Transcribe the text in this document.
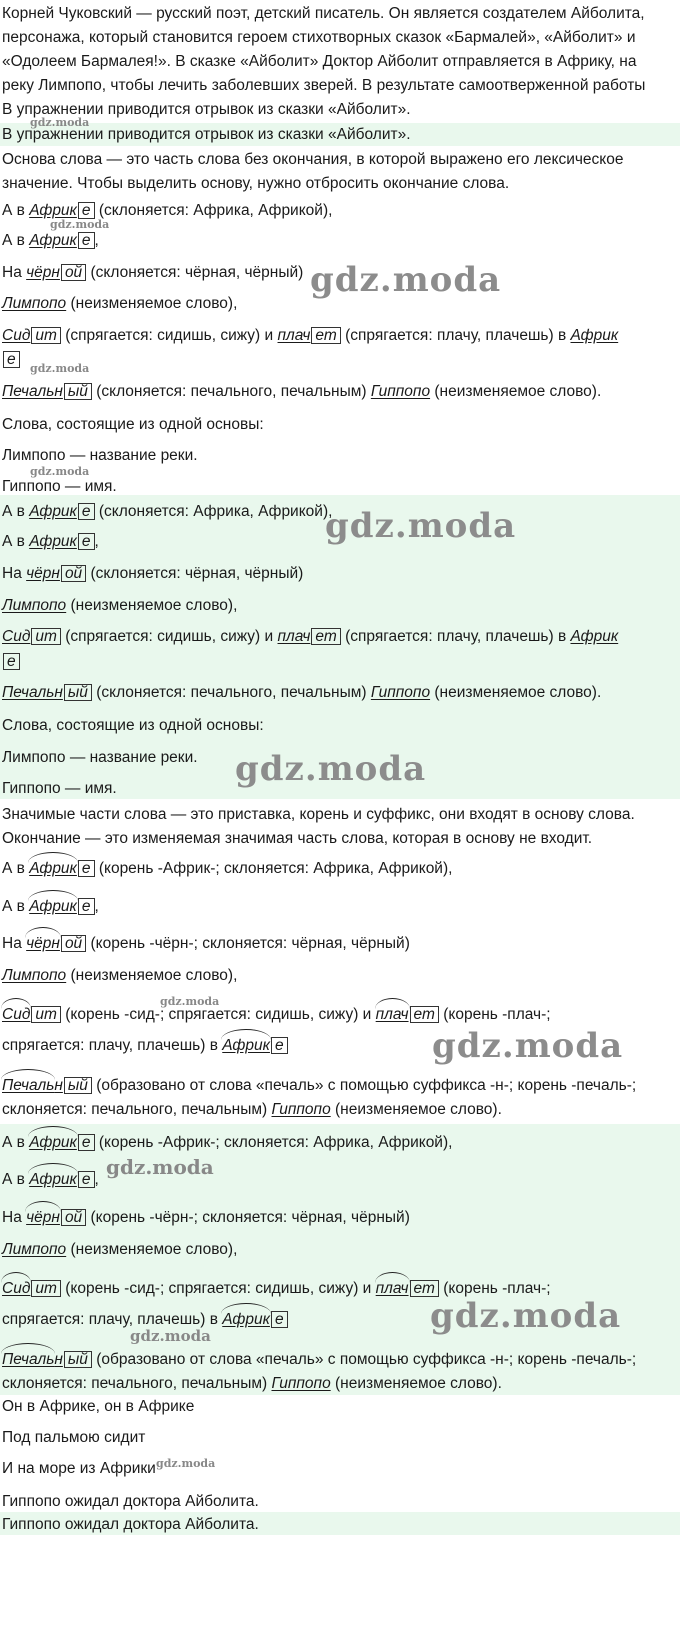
Корней Чуковский — русский поэт, детский писатель. Он является создателем Айболита,
персонажа, который становится героем стихотворных сказок «Бармалей», «Айболит» и
«Одолеем Бармалея!». В сказке «Айболит» Доктор Айболит отправляется в Африку, на
реку Лимпопо, чтобы лечить заболевших зверей. В результате самоотверженной работы
В упражнении приводится отрывок из сказки «Айболит».
В упражнении приводится отрывок из сказки «Айболит».
Основа слова — это часть слова без окончания, в которой выражено его лексическое
значение. Чтобы выделить основу, нужно отбросить окончание слова.
А в Африк е (склоняется: Африка, Африкой),
А в Африк е ,
На чёрн ой (склоняется: чёрная, чёрный)
Лимпопо (неизменяемое слово),
Сид ит (спрягается: сидишь, сижу) и плач ет (спрягается: плачу, плачешь) в Африк
е
Печальн ый (склоняется: печального, печальным) Гиппопо (неизменяемое слово).
Слова, состоящие из одной основы:
Лимпопо — название реки.
Гиппопо — имя.
А в Африк е (склоняется: Африка, Африкой),
А в Африк е ,
На чёрн ой (склоняется: чёрная, чёрный)
Лимпопо (неизменяемое слово),
Сид ит (спрягается: сидишь, сижу) и плач ет (спрягается: плачу, плачешь) в Африк
е
Печальн ый (склоняется: печального, печальным) Гиппопо (неизменяемое слово).
Слова, состоящие из одной основы:
Лимпопо — название реки.
Гиппопо — имя.
Значимые части слова — это приставка, корень и суффикс, они входят в основу слова.
Окончание — это изменяемая значимая часть слова, которая в основу не входит.
А в Африк е (корень -Африк-; склоняется: Африка, Африкой),
А в Африк е ,
На чёрн ой (корень -чёрн-; склоняется: чёрная, чёрный)
Лимпопо (неизменяемое слово),
Сид ит (корень -сид-; спрягается: сидишь, сижу) и плач ет (корень -плач-;
спрягается: плачу, плачешь) в Африк е
Печальн ый (образовано от слова «печаль» с помощью суффикса -н-; корень -печаль-;
склоняется: печального, печальным) Гиппопо (неизменяемое слово).
А в Африк е (корень -Африк-; склоняется: Африка, Африкой),
А в Африк е ,
На чёрн ой (корень -чёрн-; склоняется: чёрная, чёрный)
Лимпопо (неизменяемое слово),
Сид ит (корень -сид-; спрягается: сидишь, сижу) и плач ет (корень -плач-;
спрягается: плачу, плачешь) в Африк е
Печальн ый (образовано от слова «печаль» с помощью суффикса -н-; корень -печаль-;
склоняется: печального, печальным) Гиппопо (неизменяемое слово).
Он в Африке, он в Африке
Под пальмою сидит
И на море из Африки
Гиппопо ожидал доктора Айболита.
Гиппопо ожидал доктора Айболита.
gdz.moda
gdz.moda
gdz.moda
gdz.moda
gdz.moda
gdz.moda
gdz.moda
gdz.moda
gdz.moda
gdz.moda
gdz.moda
gdz.moda
gdz.moda
